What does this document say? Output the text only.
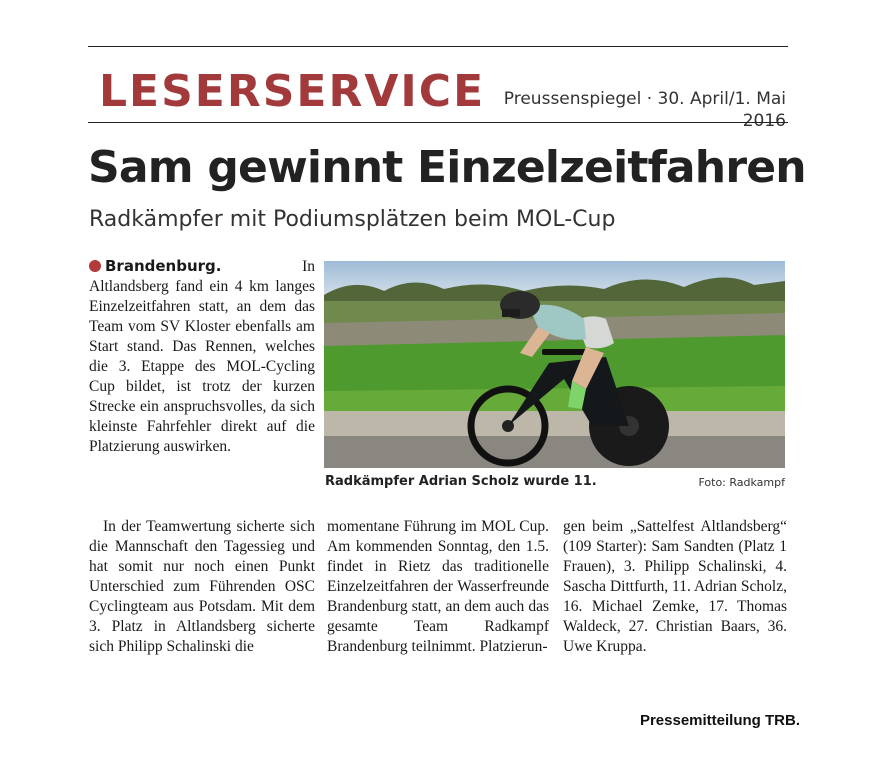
LESERSERVICE	Preussenspiegel · 30. April/1. Mai 2016
Sam gewinnt Einzelzeitfahren
Radkämpfer mit Podiumsplätzen beim MOL-Cup

Brandenburg.	In Altlandsberg fand ein 4 km langes Einzelzeitfahren statt, an dem das Team vom SV Kloster ebenfalls am Start stand. Das Rennen, welches die 3. Etappe des MOL-Cycling Cup bildet, ist trotz der kurzen Strecke ein anspruchsvolles, da sich kleinste Fahrfehler direkt auf die Platzierung auswirken.

Radkämpfer Adrian Scholz wurde 11.	Foto: Radkampf

In der Teamwertung sicherte sich die Mannschaft den Tagessieg und hat somit nur noch einen Punkt Unterschied zum Führenden OSC Cyclingteam aus Potsdam. Mit dem 3. Platz in Altlandsberg sicherte sich Philipp Schalinski die

momentane Führung im MOL Cup. Am kommenden Sonntag, den 1.5. findet in Rietz das traditionelle Einzelzeitfahren der Wasserfreunde Brandenburg statt, an dem auch das gesamte Team Radkampf Brandenburg teilnimmt. Platzierun-

gen beim „Sattelfest Altlandsberg“ (109 Starter): Sam Sandten (Platz 1 Frauen), 3. Philipp Schalinski, 4. Sascha Dittfurth, 11. Adrian Scholz, 16. Michael Zemke, 17. Thomas Waldeck, 27. Christian Baars, 36. Uwe Kruppa.

Pressemitteilung TRB.
